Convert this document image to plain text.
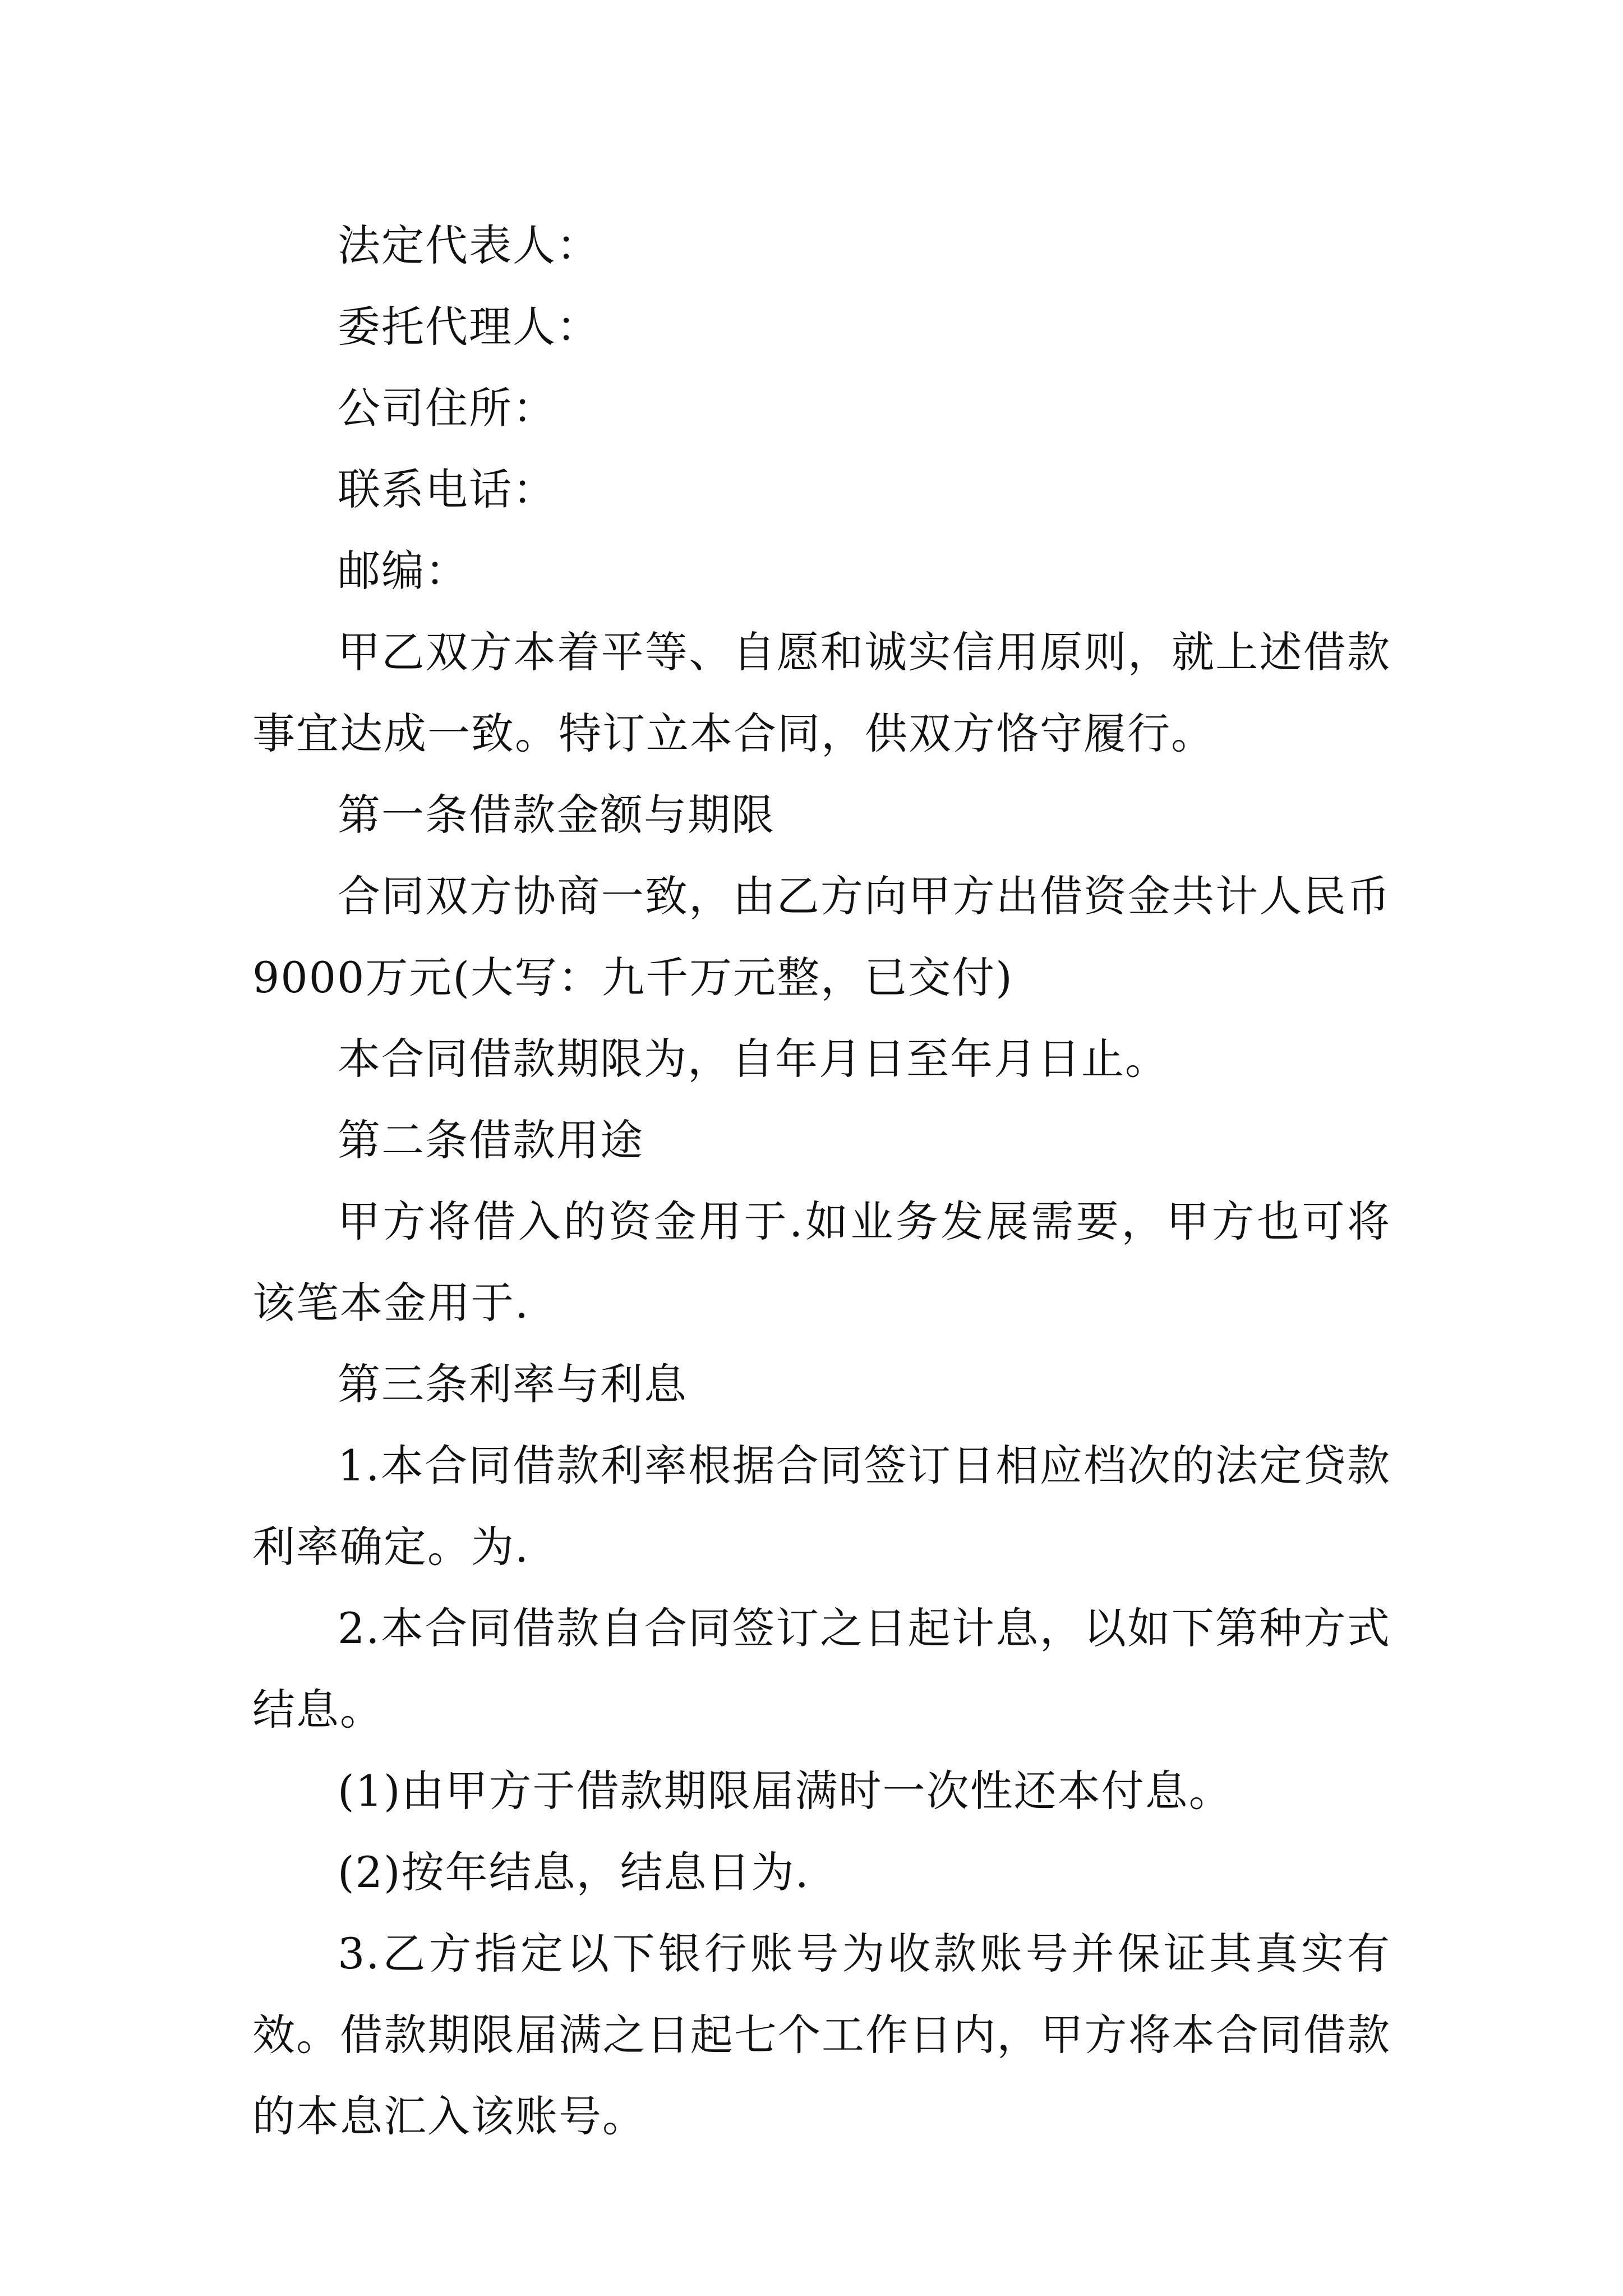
法定代表人：

委托代理人：

公司住所：

联系电话：

邮编：

甲乙双方本着平等、自愿和诚实信用原则，就上述借款事宜达成一致。特订立本合同，供双方恪守履行。

第一条借款金额与期限

合同双方协商一致，由乙方向甲方出借资金共计人民币9000万元(大写：九千万元整，已交付)

本合同借款期限为，自年月日至年月日止。

第二条借款用途

甲方将借入的资金用于.如业务发展需要，甲方也可将该笔本金用于.

第三条利率与利息

1.本合同借款利率根据合同签订日相应档次的法定贷款利率确定。为.

2.本合同借款自合同签订之日起计息，以如下第种方式结息。

(1)由甲方于借款期限届满时一次性还本付息。

(2)按年结息，结息日为.

3.乙方指定以下银行账号为收款账号并保证其真实有效。借款期限届满之日起七个工作日内，甲方将本合同借款的本息汇入该账号。
